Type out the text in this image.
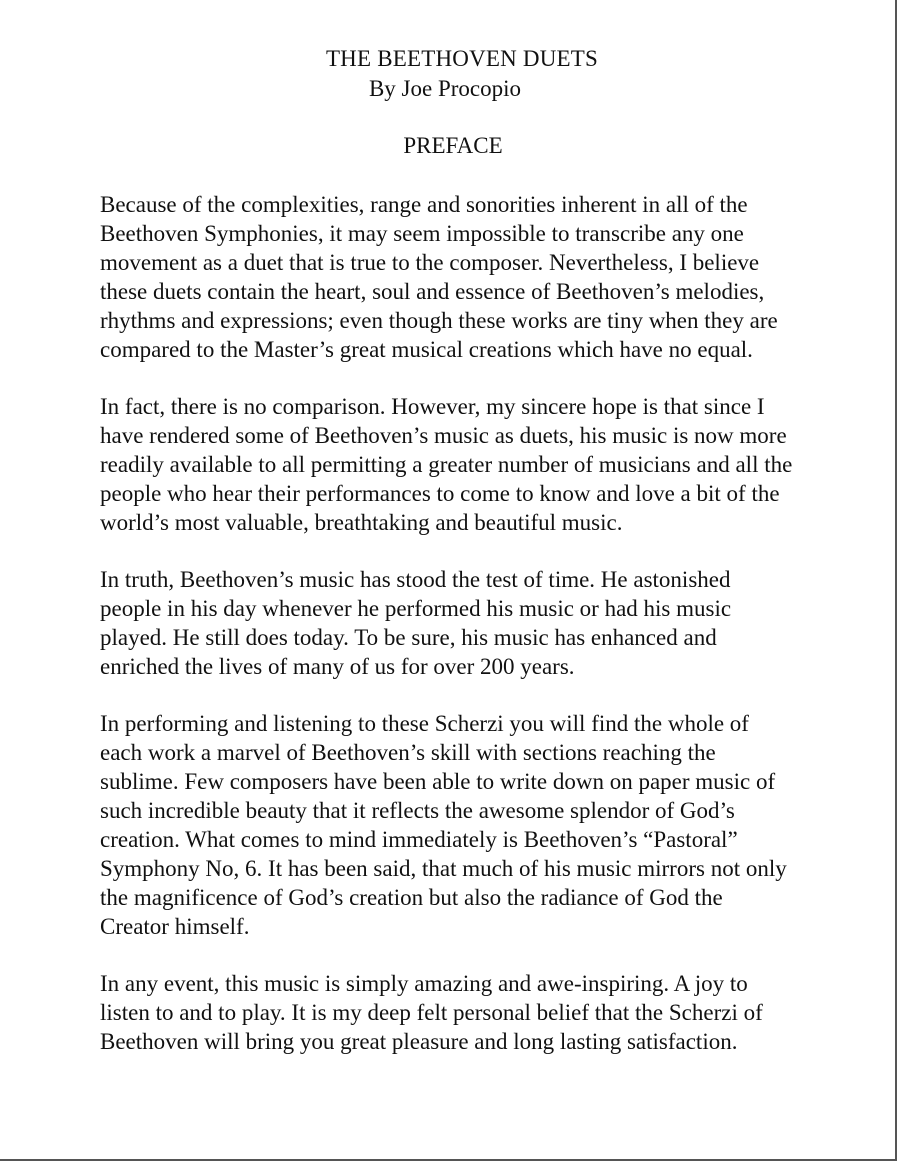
THE BEETHOVEN DUETS

By Joe Procopio

PREFACE

Because of the complexities, range and sonorities inherent in all of the
Beethoven Symphonies, it may seem impossible to transcribe any one
movement as a duet that is true to the composer. Nevertheless, I believe
these duets contain the heart, soul and essence of Beethoven’s melodies,
rhythms and expressions; even though these works are tiny when they are
compared to the Master’s great musical creations which have no equal.

In fact, there is no comparison. However, my sincere hope is that since I
have rendered some of Beethoven’s music as duets, his music is now more
readily available to all permitting a greater number of musicians and all the
people who hear their performances to come to know and love a bit of the
world’s most valuable, breathtaking and beautiful music.

In truth, Beethoven’s music has stood the test of time. He astonished
people in his day whenever he performed his music or had his music
played. He still does today. To be sure, his music has enhanced and
enriched the lives of many of us for over 200 years.

In performing and listening to these Scherzi you will find the whole of
each work a marvel of Beethoven’s skill with sections reaching the
sublime. Few composers have been able to write down on paper music of
such incredible beauty that it reflects the awesome splendor of God’s
creation. What comes to mind immediately is Beethoven’s “Pastoral”
Symphony No, 6. It has been said, that much of his music mirrors not only
the magnificence of God’s creation but also the radiance of God the
Creator himself.

In any event, this music is simply amazing and awe-inspiring. A joy to
listen to and to play. It is my deep felt personal belief that the Scherzi of
Beethoven will bring you great pleasure and long lasting satisfaction.
